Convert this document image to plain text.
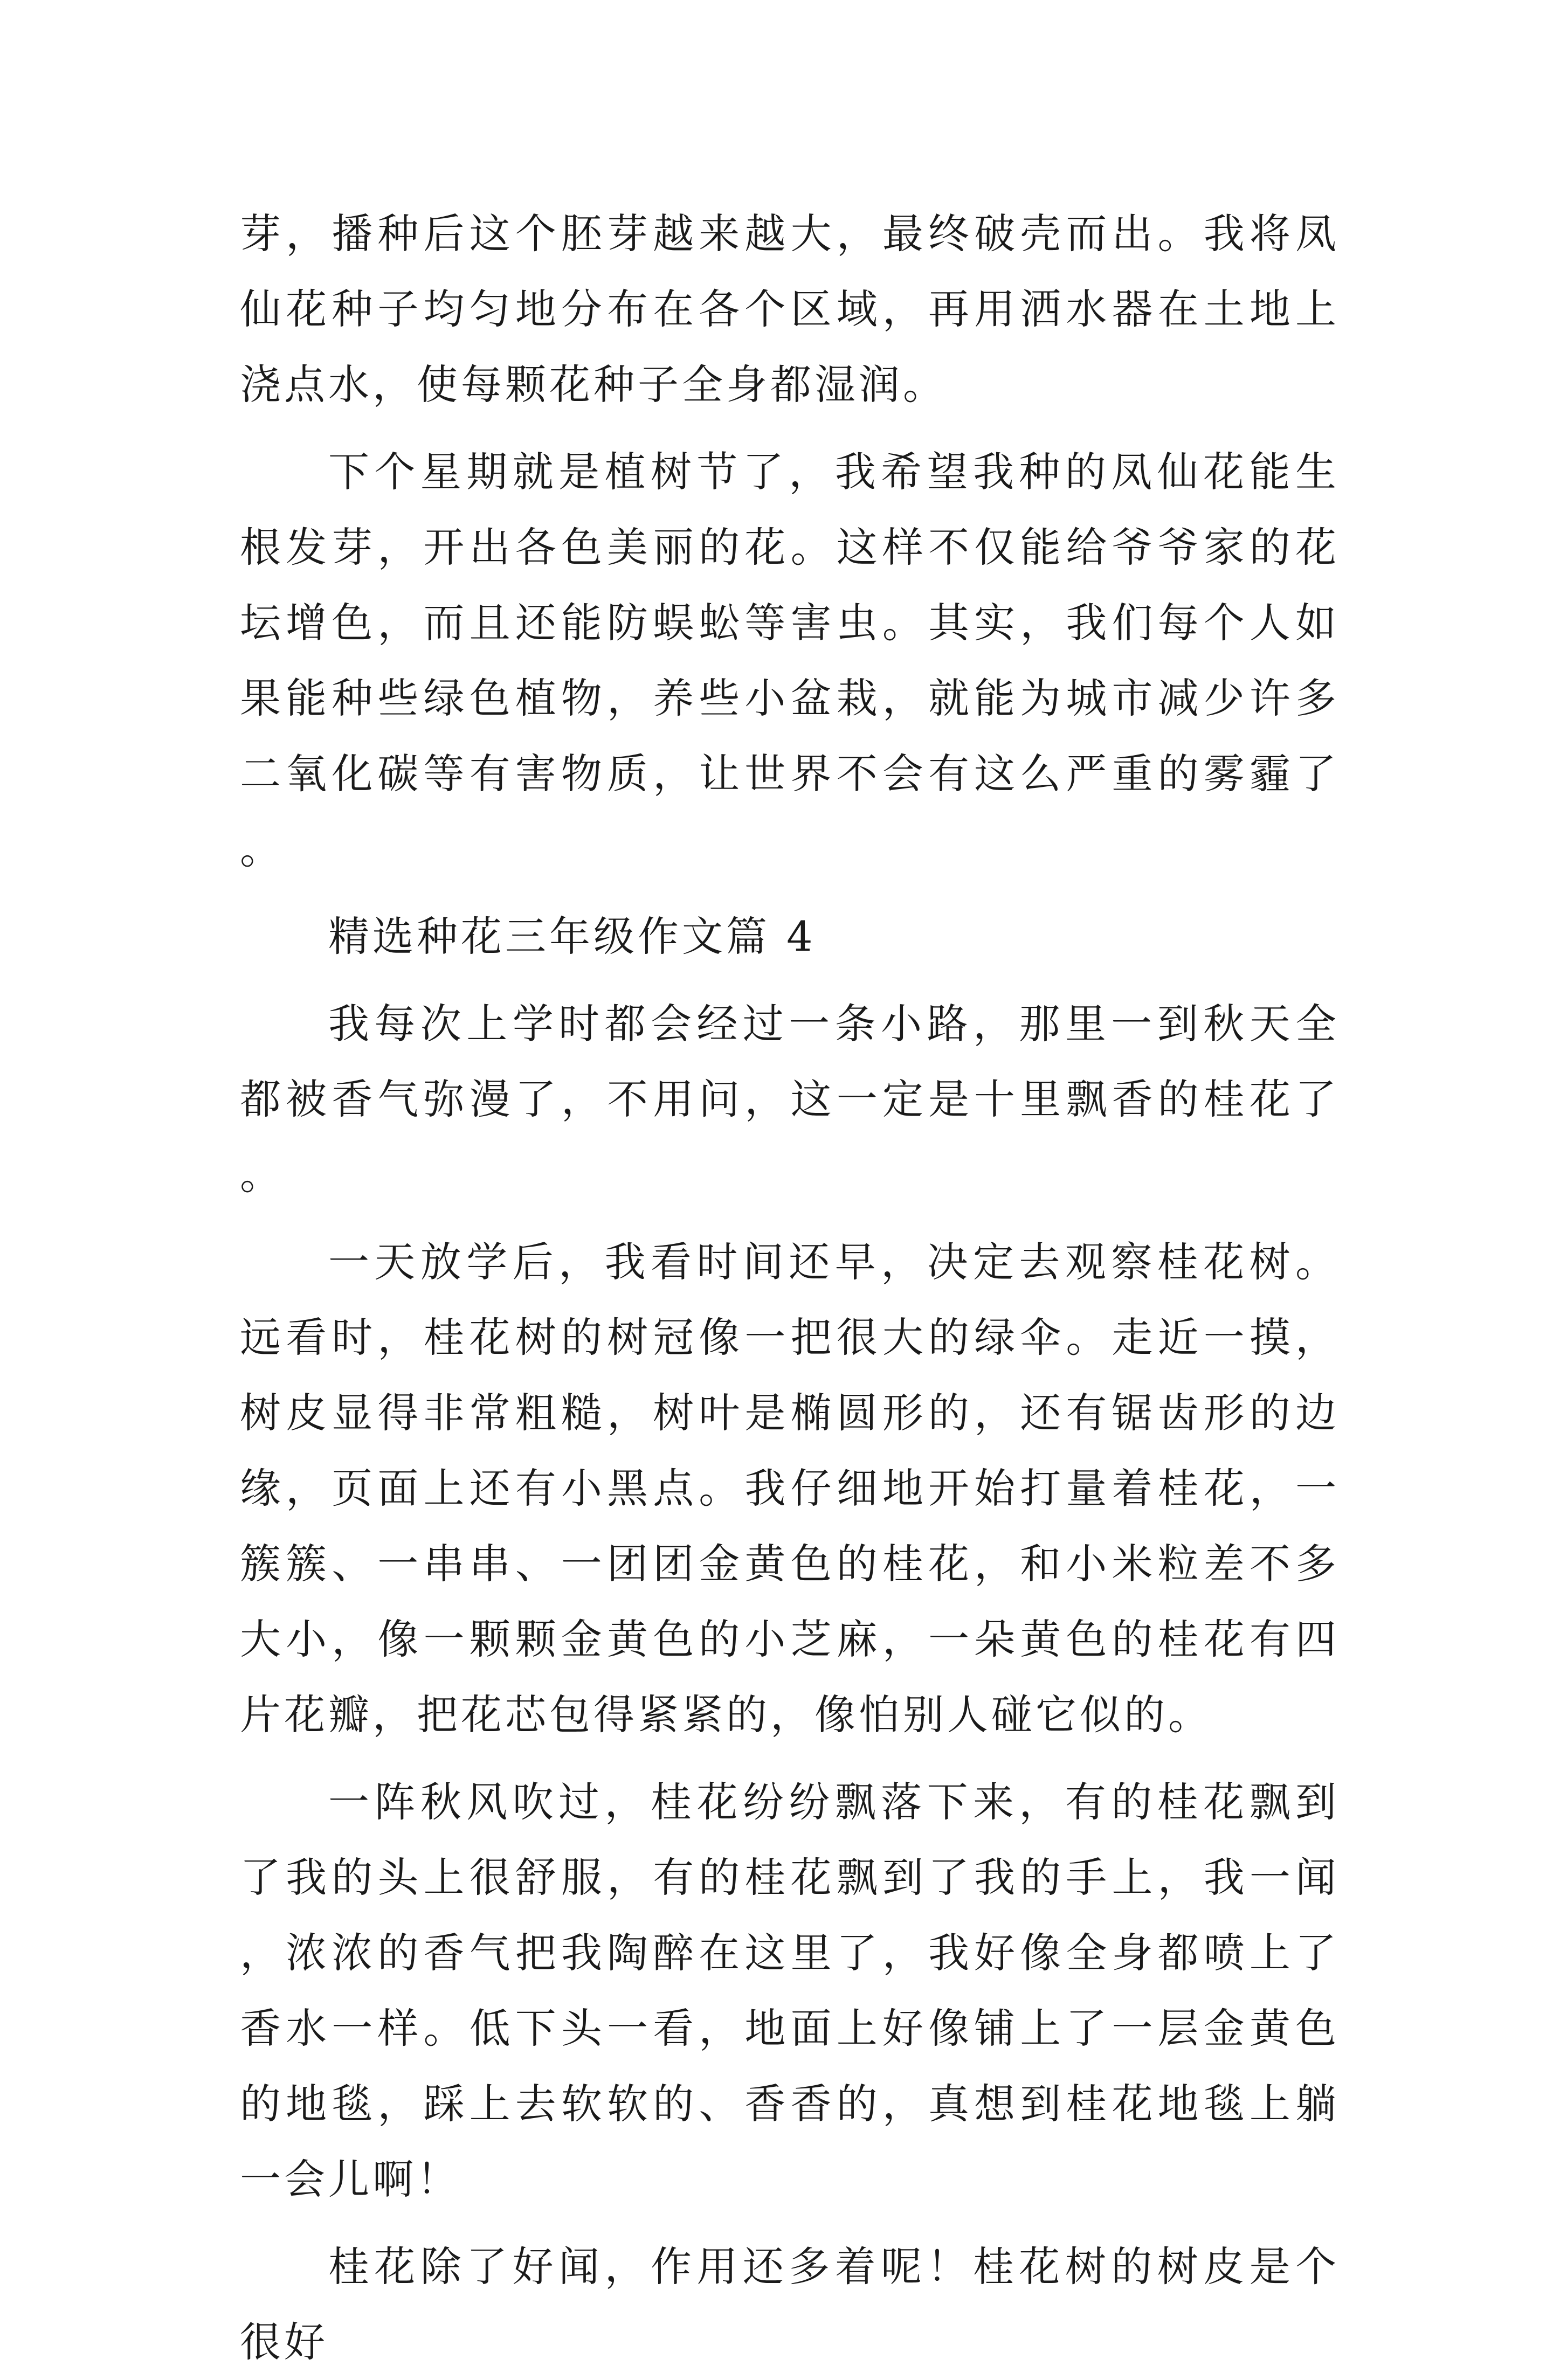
芽，播种后这个胚芽越来越大，最终破壳而出。我将凤仙花种子均匀地分布在各个区域，再用洒水器在土地上浇点水，使每颗花种子全身都湿润。

下个星期就是植树节了，我希望我种的凤仙花能生根发芽，开出各色美丽的花。这样不仅能给爷爷家的花坛增色，而且还能防蜈蚣等害虫。其实，我们每个人如果能种些绿色植物，养些小盆栽，就能为城市减少许多二氧化碳等有害物质，让世界不会有这么严重的雾霾了。

精选种花三年级作文篇 4

我每次上学时都会经过一条小路，那里一到秋天全都被香气弥漫了，不用问，这一定是十里飘香的桂花了。

一天放学后，我看时间还早，决定去观察桂花树。远看时，桂花树的树冠像一把很大的绿伞。走近一摸，树皮显得非常粗糙，树叶是椭圆形的，还有锯齿形的边缘，页面上还有小黑点。我仔细地开始打量着桂花，一簇簇、一串串、一团团金黄色的桂花，和小米粒差不多大小，像一颗颗金黄色的小芝麻，一朵黄色的桂花有四片花瓣，把花芯包得紧紧的，像怕别人碰它似的。

一阵秋风吹过，桂花纷纷飘落下来，有的桂花飘到了我的头上很舒服，有的桂花飘到了我的手上，我一闻，浓浓的香气把我陶醉在这里了，我好像全身都喷上了香水一样。低下头一看，地面上好像铺上了一层金黄色的地毯，踩上去软软的、香香的，真想到桂花地毯上躺一会儿啊！

桂花除了好闻，作用还多着呢！桂花树的树皮是个很好
